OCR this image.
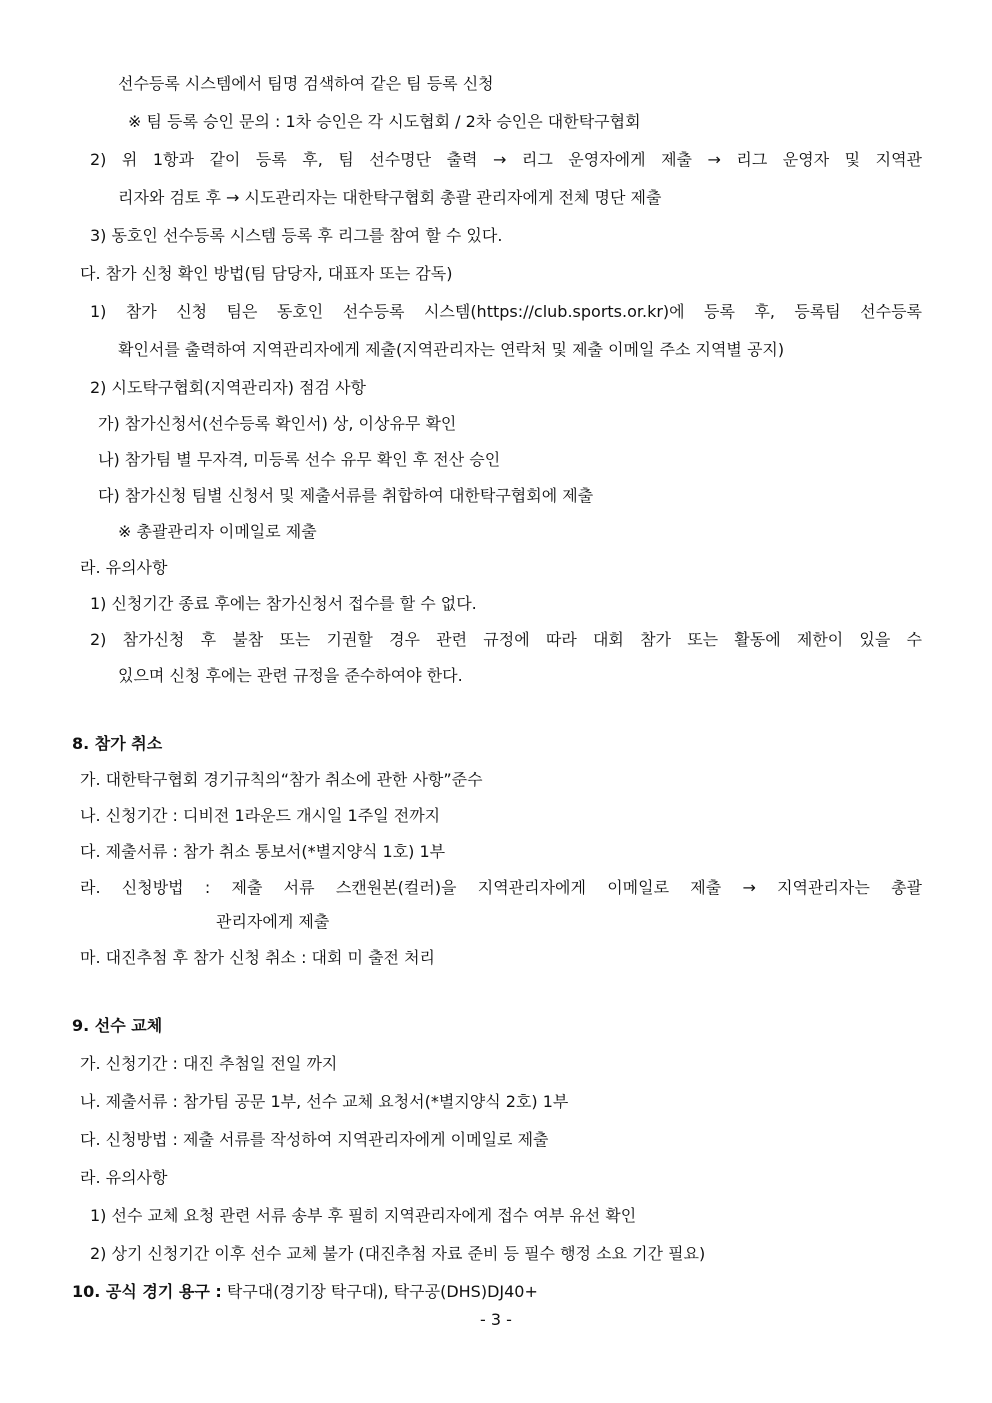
선수등록 시스템에서 팀명 검색하여 같은 팀 등록 신청
※ 팀 등록 승인 문의 : 1차 승인은 각 시도협회 / 2차 승인은 대한탁구협회
2) 위 1항과 같이 등록 후, 팀 선수명단 출력 → 리그 운영자에게 제출 → 리그 운영자 및 지역관
리자와 검토 후 → 시도관리자는 대한탁구협회 총괄 관리자에게 전체 명단 제출
3) 동호인 선수등록 시스템 등록 후 리그를 참여 할 수 있다.
다. 참가 신청 확인 방법(팀 담당자, 대표자 또는 감독)
1) 참가 신청 팀은 동호인 선수등록 시스템(https://club.sports.or.kr)에 등록 후, 등록팀 선수등록
확인서를 출력하여 지역관리자에게 제출(지역관리자는 연락처 및 제출 이메일 주소 지역별 공지)
2) 시도탁구협회(지역관리자) 점검 사항
가) 참가신청서(선수등록 확인서) 상, 이상유무 확인
나) 참가팀 별 무자격, 미등록 선수 유무 확인 후 전산 승인
다) 참가신청 팀별 신청서 및 제출서류를 취합하여 대한탁구협회에 제출
※ 총괄관리자 이메일로 제출
라. 유의사항
1) 신청기간 종료 후에는 참가신청서 접수를 할 수 없다.
2) 참가신청 후 불참 또는 기권할 경우 관련 규정에 따라 대회 참가 또는 활동에 제한이 있을 수
있으며 신청 후에는 관련 규정을 준수하여야 한다.
8. 참가 취소
가. 대한탁구협회 경기규칙의“참가 취소에 관한 사항”준수
나. 신청기간 : 디비전 1라운드 개시일 1주일 전까지
다. 제출서류 : 참가 취소 통보서(*별지양식 1호) 1부
라. 신청방법 : 제출 서류 스캔원본(컬러)을 지역관리자에게 이메일로 제출 → 지역관리자는 총괄
관리자에게 제출
마. 대진추첨 후 참가 신청 취소 : 대회 미 출전 처리
9. 선수 교체
가. 신청기간 : 대진 추첨일 전일 까지
나. 제출서류 : 참가팀 공문 1부, 선수 교체 요청서(*별지양식 2호) 1부
다. 신청방법 : 제출 서류를 작성하여 지역관리자에게 이메일로 제출
라. 유의사항
1) 선수 교체 요청 관련 서류 송부 후 필히 지역관리자에게 접수 여부 유선 확인
2) 상기 신청기간 이후 선수 교체 불가 (대진추첨 자료 준비 등 필수 행정 소요 기간 필요)
10. 공식 경기 용구 : 탁구대(경기장 탁구대), 탁구공(DHS)DJ40+
- 3 -
